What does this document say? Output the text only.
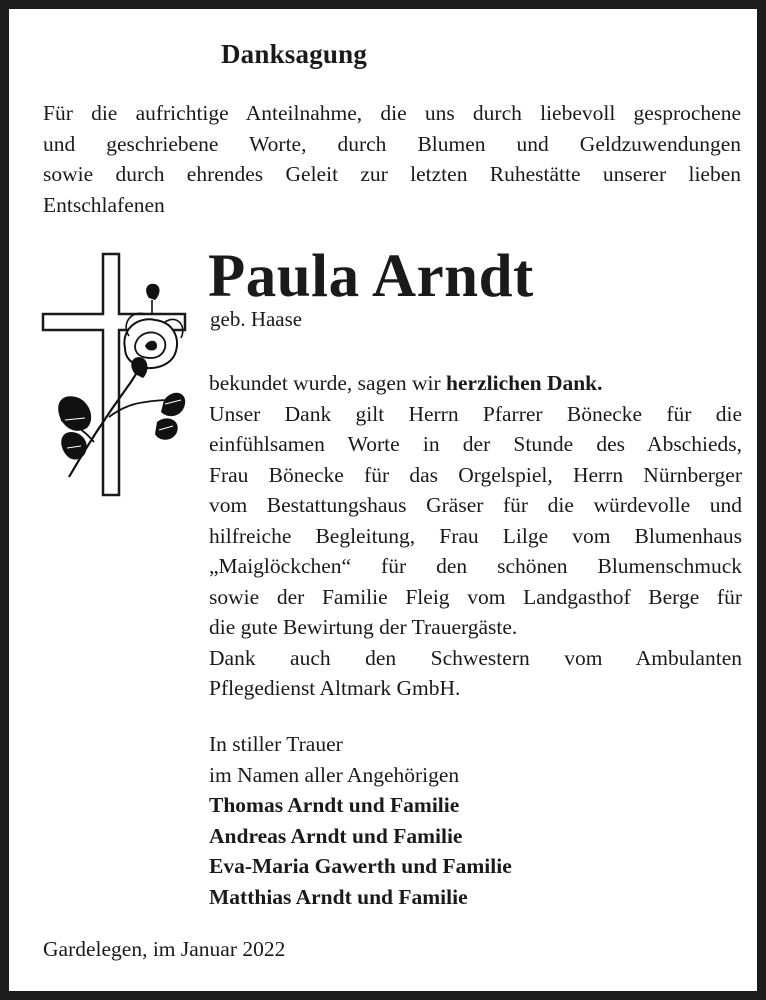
Danksagung

Für die aufrichtige Anteilnahme, die uns durch liebevoll gesprochene

und geschriebene Worte, durch Blumen und Geldzuwendungen

sowie durch ehrendes Geleit zur letzten Ruhestätte unserer lieben

Entschlafenen

Paula Arndt
geb. Haase

bekundet wurde, sagen wir herzlichen Dank.

Unser Dank gilt Herrn Pfarrer Bönecke für die

einfühlsamen Worte in der Stunde des Abschieds,

Frau Bönecke für das Orgelspiel, Herrn Nürnberger

vom Bestattungshaus Gräser für die würdevolle und

hilfreiche Begleitung, Frau Lilge vom Blumenhaus

„Maiglöckchen“ für den schönen Blumenschmuck

sowie der Familie Fleig vom Landgasthof Berge für

die gute Bewirtung der Trauergäste.

Dank auch den Schwestern vom Ambulanten

Pflegedienst Altmark GmbH.

In stiller Trauer
im Namen aller Angehörigen
Thomas Arndt und Familie
Andreas Arndt und Familie
Eva-Maria Gawerth und Familie
Matthias Arndt und Familie
Gardelegen, im Januar 2022
